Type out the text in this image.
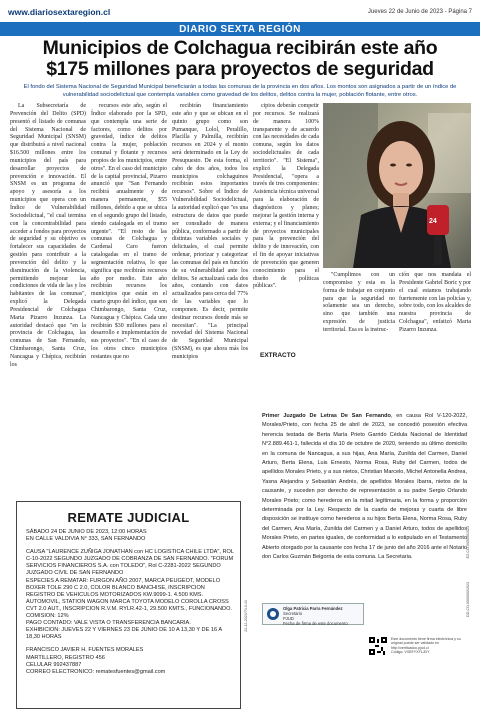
www.diariosextaregion.cl	Jueves 22 de Junio de 2023 - Página 7
DIARIO SEXTA REGIÓN
Municipios de Colchagua recibirán este año
$175 millones para proyectos de seguridad

El fondo del Sistema Nacional de Seguridad Municipal beneficiarán a todas las comunas de la provincia en dos años. Los montos son asignados a partir de un índice de vulnerabilidad sociodelictual que contempla variables como gravedad de los delitos, delitos contra la mujer, población flotante, entre otros.

La Subsecretaría de Prevención del Delito (SPD) presentó el listado de comunas del Sistema Nacional de Seguridad Municipal (SNSM) que distribuirá a nivel nacional $16.500 millones entre los municipios del país para desarrollar proyectos de prevención e innovación. El SNSM es un programa de apoyo y asesoría a los municipios que opera con un Índice de Vulnerabilidad Sociodelictual, "el cual termina con la concentrabilidad para acceder a fondos para proyectos de seguridad y su objetivo es fortalecer sus capacidades de gestión para contribuir a la prevención del delito y la disminución de la violencia, permitiendo mejorar las condiciones de vida de las y los habitantes de las comunas", explicó la Delegada Presidencial de Colchagua Marta Pizarro Inzunza. La autoridad destacó que "en la provincia de Colchagua, las comunas de San Fernando, Chimbarongo, Santa Cruz, Nancagua y Chépica, recibirán los

recursos este año, según el Índice elaborado por la SPD, que contempla una serie de factores, como delitos por gravedad, índice de delitos contra la mujer, población comunal y flotante y recursos propios de los municipios, entre otros". En el caso del municipio de la capital provincial, Pizarro anunció que "San Fernando recibirá anualmente y de manera permanente, $55 millones, debido a que se ubica en el segundo grupo del listado, siendo catalogada en el tramo urgente". "El resto de las comunas de Colchagua y Cardenal Caro fueron catalogadas en el tramo de segmentación relativa, lo que significa que recibirán recursos año por medio. Este año recibirán recursos los municipios que están en el cuarto grupo del índice, que son Chimbarongo, Santa Cruz, Nancagua y Chépica. Cada uno recibirán $30 millones para el desarrollo e implementación de sus proyectos". "En el caso de los otros cinco municipios restantes que no

recibirán financiamiento este año y que se ubican en el quinto grupo como son Pumanque, Lolol, Peralillo, Placilla y Palmilla, recibirán recursos en 2024 y el monto será determinado en la Ley de Presupuesto. De esta forma, el cabo de dos años, todos los municipios colchaguinos recibirán estos importantes recursos". Sobre el Índice de Vulnerabilidad Sociodelictual, la autoridad explicó que "es una estructura de datos que puede ser consultado de manera pública, conformado a partir de distintas variables sociales y delictuales, el cual permite ordenar, priorizar y categorizar las comunas del país en función de su vulnerabilidad ante los delitos. Se actualizará cada dos años, contando con datos actualizados para cerca del 77% de las variables que lo componen. Es decir, permite destinar recursos donde más se necesitan". "La principal novedad del Sistema Nacional de Seguridad Municipal (SNSM), es que ahora más los municipios

cipios deberán competir por recursos. Se realizará de manera 100% transparente y de acuerdo con las necesidades de cada comuna, según los datos sociodelictuales de cada territorio". "El Sistema", explicó la Delegada Presidencial, "opera a través de tres componentes: Asistencia técnica universal para la elaboración de diagnósticos y planes; mejorar la gestión interna y externa; y el financiamiento de proyectos municipales para la prevención del delito y de innovación, con el fin de apoyar iniciativas de prevención que generen conocimiento para el diseño de políticas públicas".

"Cumplimos con un compromiso y esta es la forma de trabajar en conjunto para que la seguridad no solamente sea un derecho, sino que también una expresión de justicia territorial. Esa es la instruc-

ción que nos mandata el Presidente Gabriel Boric y por el cual estamos trabajando fuertemente con las policías y, sobre todo, con los alcaldes de nuestra provincia de Colchagua", enfatizó Marta Pizarro Inzunza.

24
EXTRACTO

Primer Juzgado De Letras De San Fernando, en causa Rol V-120-2022, Morales/Prieto, con fecha 25 de abril de 2023, se concedió posesión efectiva herencia testada de Berta María Prieto Garrido Cédula Nacional de Identidad N°2.889.461-1, fallecida el día 10 de octubre de 2020, teniendo su último domicilio en la comuna de Nancagua, a sus hijas, Ana María, Zunilda del Carmen, Daniel Arturo, Berta Elena, Luis Ernesto, Norma Rosa, Ruby del Carmen, todos de apellidos Morales Prieto, y a sus nietos, Christian Marcelo, Michel Antonella Andrea, Yasna Alejandra y Sebastián Andrés, de apellidos Morales Ibarra, nietos de la causante, y suceden por derecho de representación a su padre Sergio Orlando Morales Prieto; como herederos en la mitad legítimaria, en la forma y proporción determinada por la Ley. Respecto de la cuarta de mejoras y cuarta de libre disposición se instituye como herederos a su hijos Berta Elena, Norma Rosa, Ruby del Carmen, Ana María, Zunilda del Carmen y a Daniel Arturo, todos de apellidos Morales Prieto, en partes iguales, de conformidad a lo estipulado en el Testamento Abierto otorgado por la causante con fecha 17 de junio del año 2016 ante el Notario don Carlos Guzmán Beigorria de esta comuna. La Secretaria.

Olga Patricia Parra Fernández
Secretario
PJUD
Fecha de firma de este documento
Este documento tiene firma electrónica y su original puede ser validado en http://verificadoc.pjud.cl
Código: VXBFYXFLJDY
EZ-CO-0000001523
DD-CO-00000001523
REMATE JUDICIAL
SÁBADO 24 DE JUNIO DE 2023, 12:00 HORAS
EN CALLE VALDIVIA N° 333, SAN FERNANDO
CAUSA "LAURENCE ZUÑIGA JONATHAN con HC LOGISTICA CHILE LTDA", ROL C-10-2022 SEGUNDO JUZGADO DE COBRANZA DE SAN FERNANDO. "FORUM SERVICIOS FINANCIEROS S.A. con TOLEDO", Rol C-2281-2022 SEGUNDO JUZGADO CIVIL DE SAN FERNANDO
ESPECIES A REMATAR: FURGON AÑO 2007, MARCA PEUGEOT, MODELO BOXER TOLE 290 C 2.0, COLOR BLANCO BANCHISE, INSCRIPCION REGISTRO DE VEHICULOS MOTORIZADOS KW.9099-1. 4.500 KMS. AUTOMOVIL, STATION WAGON MARCA TOYOTA MODELO COROLLA CROSS CVT 2.0 AUT., INSCRIPCION R.V.M. RYLR.42-1, 29.500 KMTS., FUNCIONANDO.
COMISION: 12%
PAGO CONTADO: VALE VISTA O TRANSFERENCIA BANCARIA.
EXHIBICION: JUEVES 22 Y VIERNES 23 DE JUNIO DE 10 A 13,30 Y DE 16 A 18,30 HORAS
FRANCISCO JAVIER H. FUENTES MORALES
MARTILLERO, REGISTRO 456
CELULAR 992437887
CORREO ELECTRONICO: rematesfuentes@gmail.com
22-12-2023/70-0-41
